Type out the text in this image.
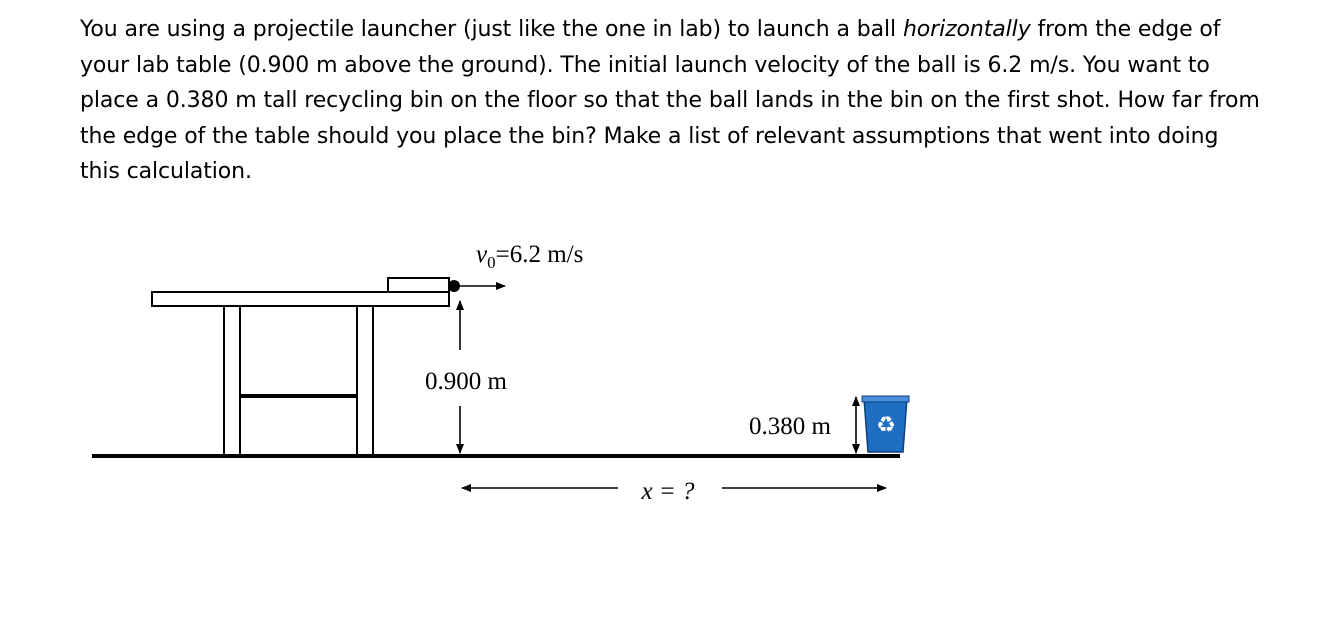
You are using a projectile launcher (just like the one in lab) to launch a ball horizontally from the edge of your lab table (0.900 m above the ground). The initial launch velocity of the ball is 6.2 m/s. You want to place a 0.380 m tall recycling bin on the floor so that the ball lands in the bin on the first shot. How far from the edge of the table should you place the bin? Make a list of relevant assumptions that went into doing this calculation.
$v_0=6.2$ m/s
0.900 m
♻
0.380 m
x = ?
